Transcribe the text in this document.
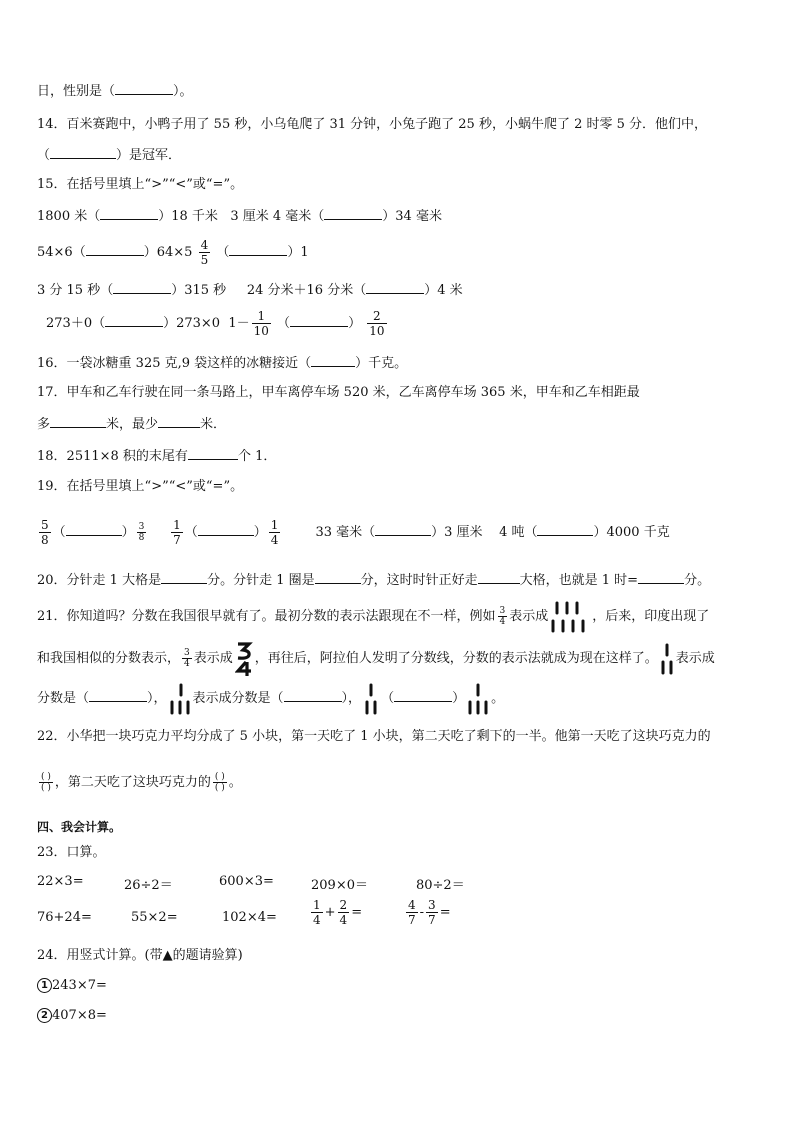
日，性别是（	）。
14．百米赛跑中，小鸭子用了 55 秒，小乌龟爬了 31 分钟，小兔子跑了 25 秒，小蜗牛爬了 2 时零 5 分．他们中，
（	）是冠军．
15．在括号里填上“>”“<”或“=”。
1800 米（	）18 千米 3 厘米 4 毫米（	）34 毫米
54×6（	）$64\times 5 \frac{4}{5}$ （	）1
3 分 15 秒（	）315 秒 24 分米＋16 分米（	）4 米
273＋0（	）273×0 $1- \frac{1}{10}$ （	） $\frac{2}{10}$
16．一袋冰糖重 325 克,9 袋这样的冰糖接近（	）千克。
17．甲车和乙车行驶在同一条马路上，甲车离停车场 520 米，乙车离停车场 365 米，甲车和乙车相距最
多	米，最少	米．
18．2511×8 积的末尾有	个 1．
19．在括号里填上“>”“<”或“=”。
$\frac{5}{8}$ （	） $\frac{3}{8}$
$\frac{1}{7}$ （	） $\frac{1}{4}$	33 毫米（	）3 厘米 4 吨（	）4000 千克
20．分针走 1 大格是	分。分针走 1 圈是	分，这时时针正好走	大格，也就是 1 时=	分。
21．你知道吗？分数在我国很早就有了。最初分数的表示法跟现在不一样，例如 $\frac{3}{4}$ 表示成	，后来，印度出现了
和我国相似的分数表示， $\frac{3}{4}$ 表示成 ，再往后，阿拉伯人发明了分数线，分数的表示法就成为现在这样了。 表示成
分数是（	）， 表示成分数是（	）， （	） 。
22．小华把一块巧克力平均分成了 5 小块，第一天吃了 1 小块，第二天吃了剩下的一半。他第一天吃了这块巧克力的
$\frac{( )}{( )}$ ，第二天吃了这块巧克力的 $\frac{( )}{( )}$ 。
四、我会计算。
23．口算。
22×3=	26÷2＝	600×3=	209×0＝	80÷2＝
76+24=	55×2=	102×4=	$\frac{1}{4} + \frac{2}{4}$ =	$\frac{4}{7} - \frac{3}{7}$ =
24．用竖式计算。(带▲的题请验算)
1 243×7=
2 407×8=
